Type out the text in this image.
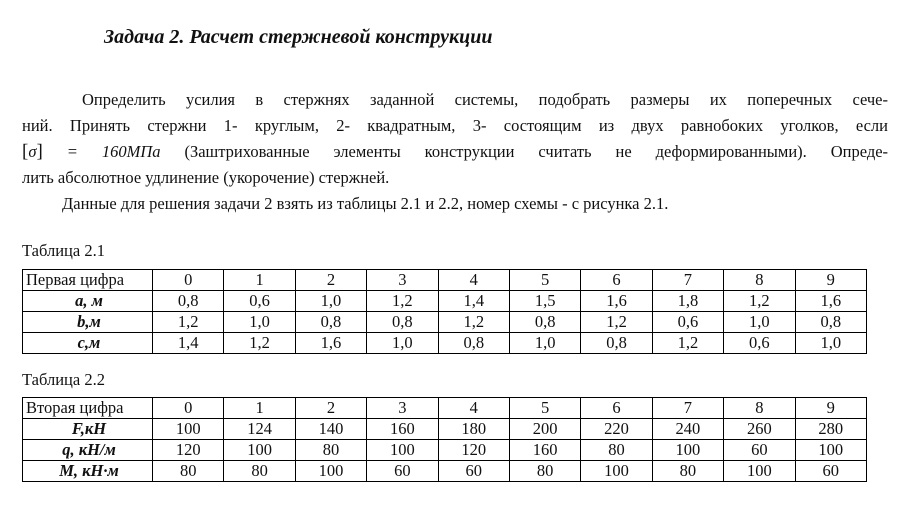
Задача 2. Расчет стержневой конструкции

Определить усилия в стержнях заданной системы, подобрать размеры их поперечных сече-

ний. Принять стержни 1- круглым, 2- квадратным, 3- состоящим из двух равнобоких уголков, если

[σ] = 160МПа (Заштрихованные элементы конструкции считать не деформированными). Опреде-

лить абсолютное удлинение (укорочение) стержней.

Данные для решения задачи 2 взять из таблицы 2.1 и 2.2, номер схемы - с рисунка 2.1.

Таблица 2.1
Первая цифра	0	1	2	3	4	5	6	7	8	9
a, м	0,8	0,6	1,0	1,2	1,4	1,5	1,6	1,8	1,2	1,6
b,м	1,2	1,0	0,8	0,8	1,2	0,8	1,2	0,6	1,0	0,8
c,м	1,4	1,2	1,6	1,0	0,8	1,0	0,8	1,2	0,6	1,0
Таблица 2.2
Вторая цифра	0	1	2	3	4	5	6	7	8	9
F,кН	100	124	140	160	180	200	220	240	260	280
q, кН/м	120	100	80	100	120	160	80	100	60	100
M, кН·м	80	80	100	60	60	80	100	80	100	60
